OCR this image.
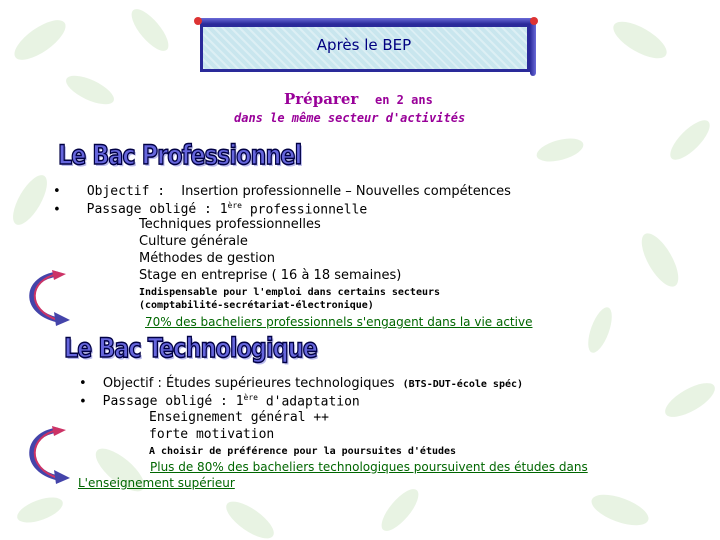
Après le BEP
Préparer en 2 ans
dans le même secteur d'activités
Le Bac Professionnel
• Objectif : Insertion professionnelle – Nouvelles compétences
• Passage obligé : 1ère professionnelle
Techniques professionnelles
Culture générale
Méthodes de gestion
Stage en entreprise ( 16 à 18 semaines)
Indispensable pour l'emploi dans certains secteurs
(comptabilité-secrétariat-électronique)
70% des bacheliers professionnels s'engagent dans la vie active
Le Bac Technologique
• Objectif : Études supérieures technologiques (BTS-DUT-école spéc)
• Passage obligé : 1ère d'adaptation
Enseignement général ++
forte motivation
A choisir de préférence pour la poursuites d'études
Plus de 80% des bacheliers technologiques poursuivent des études dans
L'enseignement supérieur
